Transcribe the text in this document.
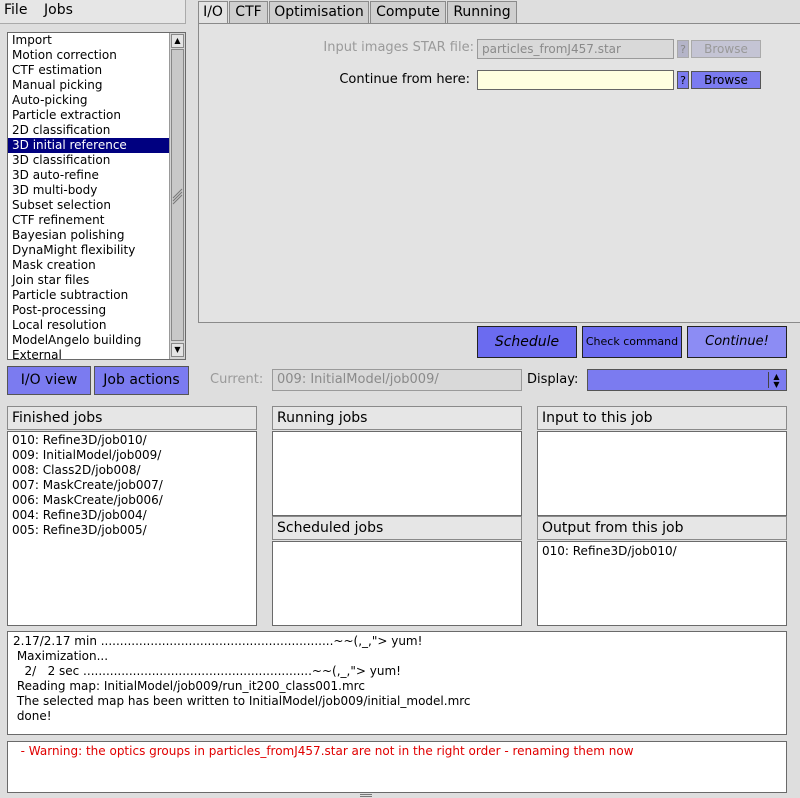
File Jobs
Import
Motion correction
CTF estimation
Manual picking
Auto-picking
Particle extraction
2D classification
3D initial reference
3D classification
3D auto-refine
3D multi-body
Subset selection
CTF refinement
Bayesian polishing
DynaMight flexibility
Mask creation
Join star files
Particle subtraction
Post-processing
Local resolution
ModelAngelo building
External
▲
▼
I/O CTF Optimisation Compute Running
Input images STAR file: particles_fromJ457.star	?	Browse
Continue from here:	?	Browse
Schedule	Check command	Continue!
I/O view	Job actions	Current:	009: InitialModel/job009/	Display:	▲
▼
Finished jobs
010: Refine3D/job010/
009: InitialModel/job009/
008: Class2D/job008/
007: MaskCreate/job007/
006: MaskCreate/job006/
004: Refine3D/job004/
005: Refine3D/job005/
Running jobs
Scheduled jobs
Input to this job
Output from this job
010: Refine3D/job010/
2.17/2.17 min .............................................................~~(,_,"> yum!
Maximization...
2/   2 sec ............................................................~~(,_,"> yum!
Reading map: InitialModel/job009/run_it200_class001.mrc
The selected map has been written to InitialModel/job009/initial_model.mrc
done!
- Warning: the optics groups in particles_fromJ457.star are not in the right order - renaming them now
